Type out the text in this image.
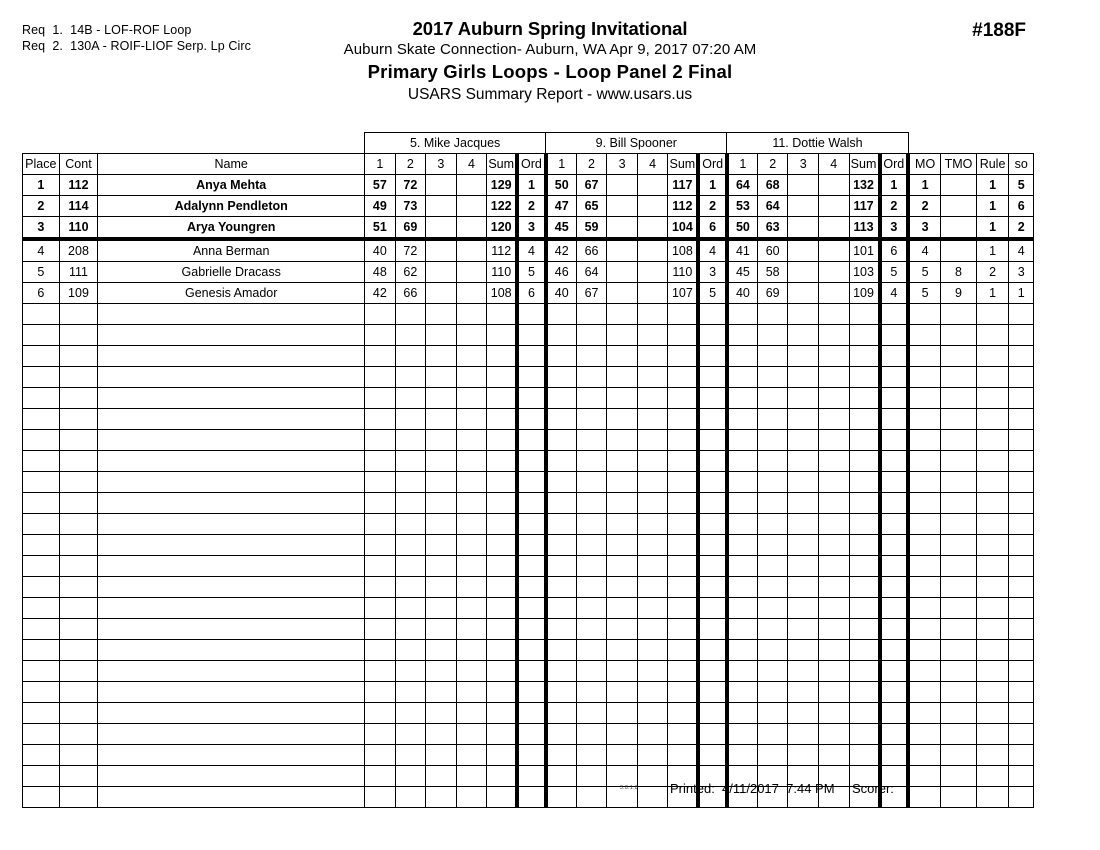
Req  1.  14B - LOF-ROF Loop
Req  2.  130A - ROIF-LIOF Serp. Lp Circ
2017 Auburn Spring Invitational
Auburn Skate Connection- Auburn, WA Apr 9, 2017 07:20 AM
Primary Girls Loops - Loop Panel 2 Final
USARS Summary Report - www.usars.us
#188F
			5. Mike Jacques						9. Bill Spooner						11. Dottie Walsh									
Place	Cont	Name	1	2	3	4	Sum	Ord	1	2	3	4	Sum	Ord	1	2	3	4	Sum	Ord	MO	TMO	Rule	so
1	112	Anya Mehta	57	72			129	1	50	67			117	1	64	68			132	1	1		1	5
2	114	Adalynn Pendleton	49	73			122	2	47	65			112	2	53	64			117	2	2		1	6
3	110	Arya Youngren	51	69			120	3	45	59			104	6	50	63			113	3	3		1	2
4	208	Anna Berman	40	72			112	4	42	66			108	4	41	60			101	6	4		1	4
5	111	Gabrielle Dracass	48	62			110	5	46	64			110	3	45	58			103	5	5	8	2	3
6	109	Genesis Amador	42	66			108	6	40	67			107	5	40	69			109	4	5	9	1	1

3.8.1.8 Printed:  4/11/2017  7:44 PM Scorer:
